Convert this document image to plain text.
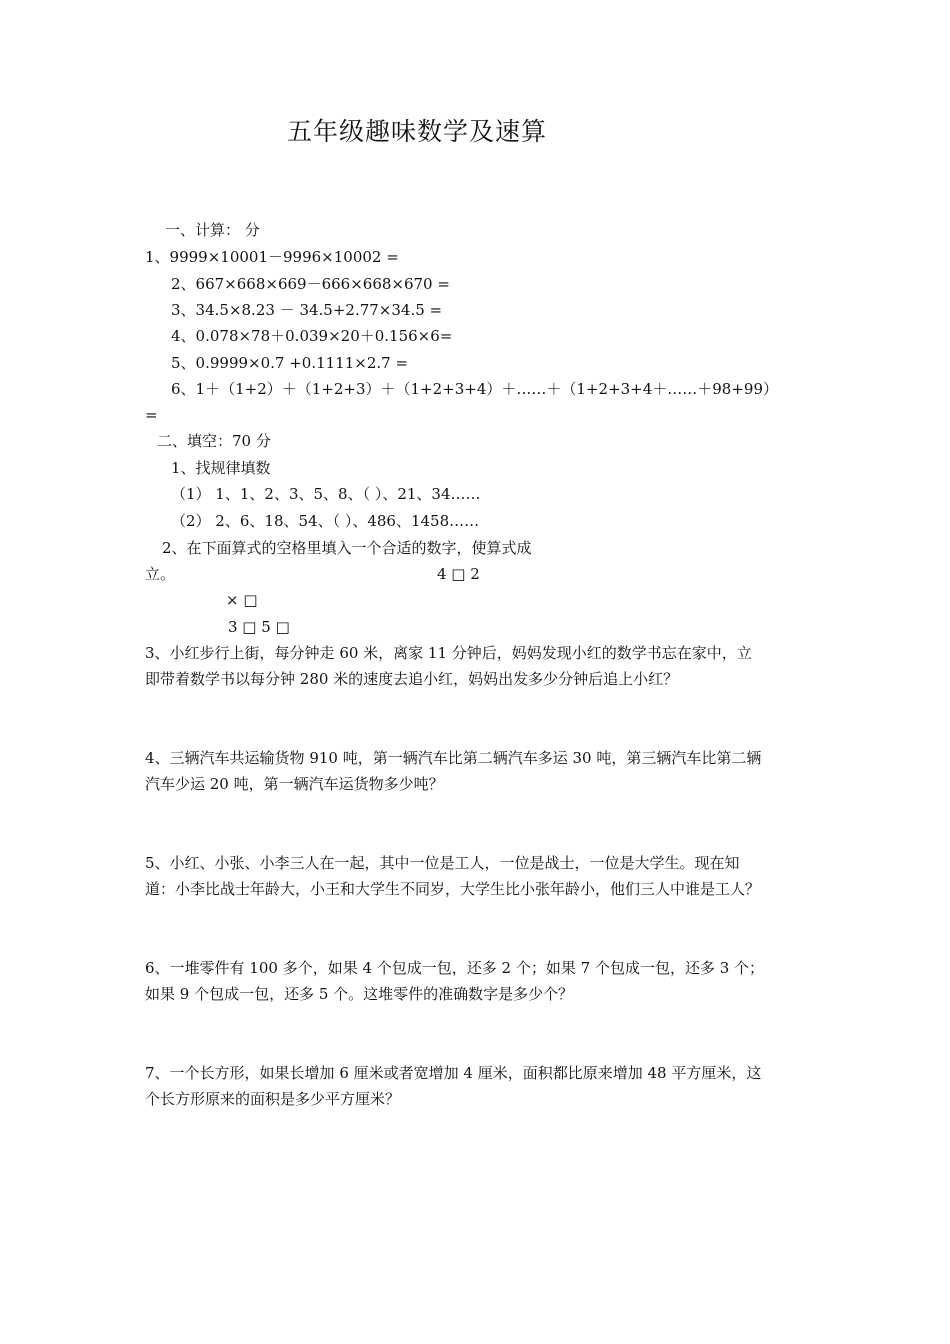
五年级趣味数学及速算
一、计算： 分
1、9999×10001－9996×10002 =
2、667×668×669－666×668×670 =
3、34.5×8.23 － 34.5+2.77×34.5 =
4、0.078×78＋0.039×20＋0.156×6=
5、0.9999×0.7 +0.1111×2.7 =
6、1＋（1+2）＋（1+2+3）＋（1+2+3+4）＋……＋（1+2+3+4＋……＋98+99）
=
二、填空：70 分
1、找规律填数
（1） 1、1、2、3、5、8、（ ）、21、34……
（2） 2、6、18、54、（ ）、486、1458……
2、在下面算式的空格里填入一个合适的数字，使算式成
立。	4 □ 2
× □
3 □ 5 □
3、小红步行上街，每分钟走 60 米，离家 11 分钟后，妈妈发现小红的数学书忘在家中，立
即带着数学书以每分钟 280 米的速度去追小红，妈妈出发多少分钟后追上小红？
4、三辆汽车共运输货物 910 吨，第一辆汽车比第二辆汽车多运 30 吨，第三辆汽车比第二辆
汽车少运 20 吨，第一辆汽车运货物多少吨？
5、小红、小张、小李三人在一起，其中一位是工人，一位是战士，一位是大学生。现在知
道：小李比战士年龄大，小王和大学生不同岁，大学生比小张年龄小，他们三人中谁是工人？
6、一堆零件有 100 多个，如果 4 个包成一包，还多 2 个；如果 7 个包成一包，还多 3 个；
如果 9 个包成一包，还多 5 个。这堆零件的准确数字是多少个？
7、一个长方形，如果长增加 6 厘米或者宽增加 4 厘米，面积都比原来增加 48 平方厘米，这
个长方形原来的面积是多少平方厘米？
